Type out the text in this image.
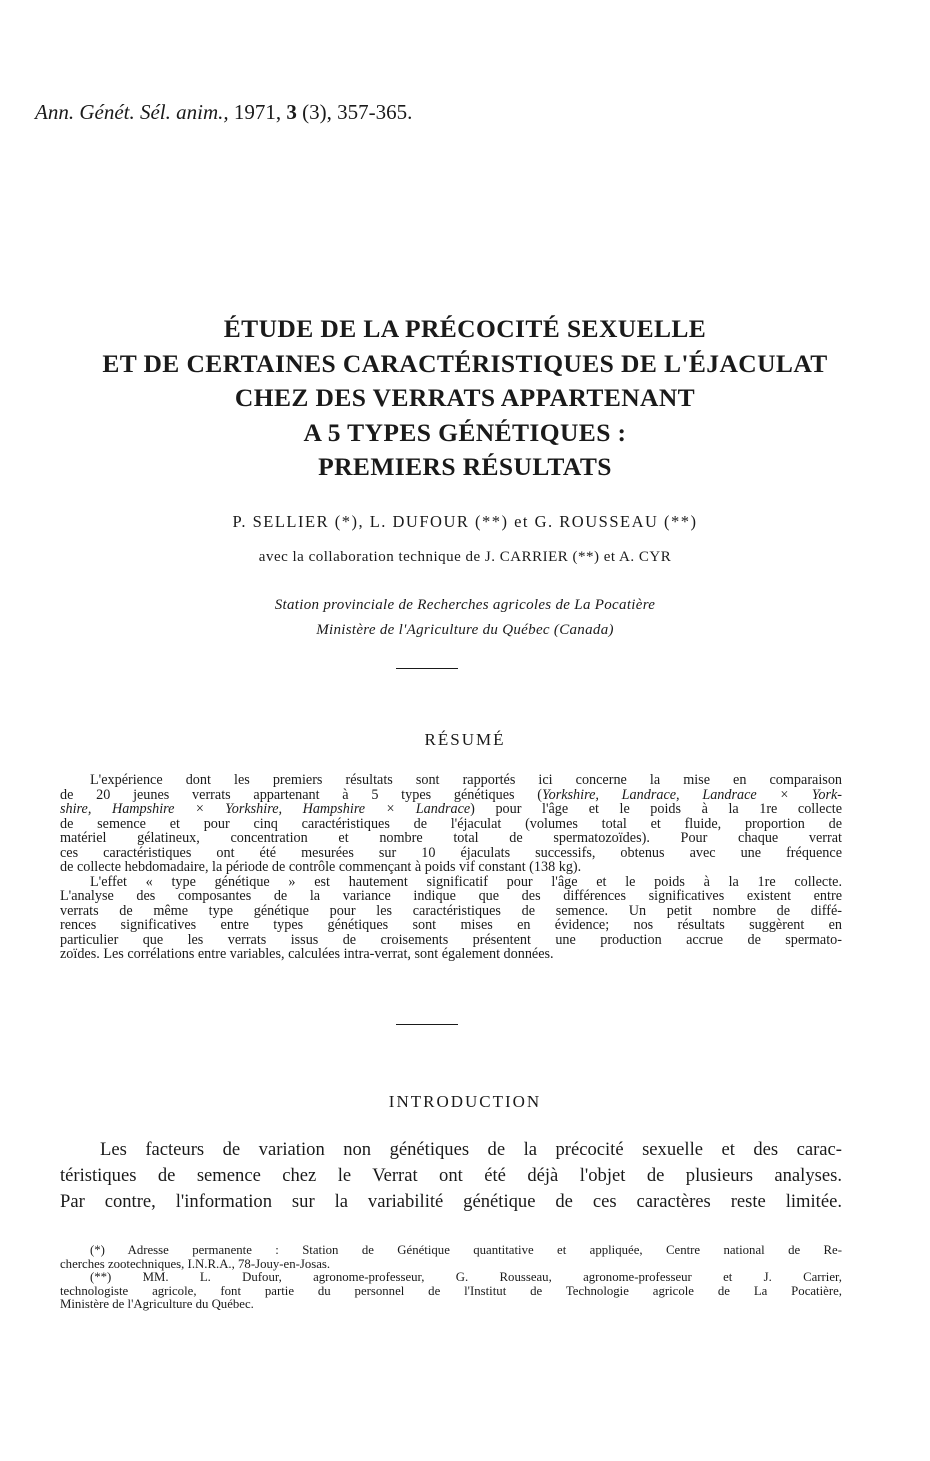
Ann. Génét. Sél. anim., 1971, 3 (3), 357-365.
ÉTUDE DE LA PRÉCOCITÉ SEXUELLE
ET DE CERTAINES CARACTÉRISTIQUES DE L'ÉJACULAT
CHEZ DES VERRATS APPARTENANT
A 5 TYPES GÉNÉTIQUES :
PREMIERS RÉSULTATS
P. SELLIER (*), L. DUFOUR (**) et G. ROUSSEAU (**)
avec la collaboration technique de J. CARRIER (**) et A. CYR
Station provinciale de Recherches agricoles de La Pocatière
Ministère de l'Agriculture du Québec (Canada)
RÉSUMÉ
L'expérience dont les premiers résultats sont rapportés ici concerne la mise en comparaison
de 20 jeunes verrats appartenant à 5 types génétiques (Yorkshire, Landrace, Landrace × York-
shire, Hampshire × Yorkshire, Hampshire × Landrace) pour l'âge et le poids à la 1re collecte
de semence et pour cinq caractéristiques de l'éjaculat (volumes total et fluide, proportion de
matériel gélatineux, concentration et nombre total de spermatozoïdes). Pour chaque verrat
ces caractéristiques ont été mesurées sur 10 éjaculats successifs, obtenus avec une fréquence
de collecte hebdomadaire, la période de contrôle commençant à poids vif constant (138 kg).
L'effet « type génétique » est hautement significatif pour l'âge et le poids à la 1re collecte.
L'analyse des composantes de la variance indique que des différences significatives existent entre
verrats de même type génétique pour les caractéristiques de semence. Un petit nombre de diffé-
rences significatives entre types génétiques sont mises en évidence; nos résultats suggèrent en
particulier que les verrats issus de croisements présentent une production accrue de spermato-
zoïdes. Les corrélations entre variables, calculées intra-verrat, sont également données.
INTRODUCTION
Les facteurs de variation non génétiques de la précocité sexuelle et des carac-
téristiques de semence chez le Verrat ont été déjà l'objet de plusieurs analyses.
Par contre, l'information sur la variabilité génétique de ces caractères reste limitée.
(*) Adresse permanente : Station de Génétique quantitative et appliquée, Centre national de Re-
cherches zootechniques, I.N.R.A., 78-Jouy-en-Josas.
(**) MM. L. Dufour, agronome-professeur, G. Rousseau, agronome-professeur et J. Carrier,
technologiste agricole, font partie du personnel de l'Institut de Technologie agricole de La Pocatière,
Ministère de l'Agriculture du Québec.
